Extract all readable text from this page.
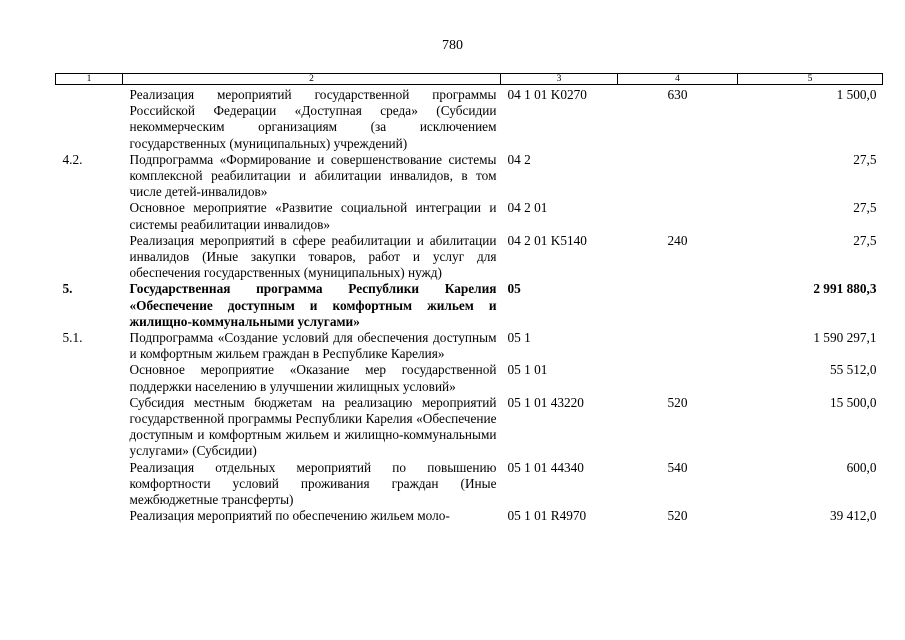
780
1	2	3	4	5
	Реализация мероприятий государственной программы Российской Федерации «Доступная среда» (Субсидии некоммерческим организациям (за исключением государственных (муниципальных) учреждений)	04 1 01 K0270	630	1 500,0
4.2.	Подпрограмма «Формирование и совершенствование системы комплексной реабилитации и абилитации инвалидов, в том числе детей-инвалидов»	04 2		27,5
	Основное мероприятие «Развитие социальной интеграции и системы реабилитации инвалидов»	04 2 01		27,5
	Реализация мероприятий в сфере реабилитации и абилитации инвалидов (Иные закупки товаров, работ и услуг для обеспечения государственных (муниципальных) нужд)	04 2 01 K5140	240	27,5
5.	Государственная программа Республики Карелия «Обеспечение доступным и комфортным жильем и жилищно-коммунальными услугами»	05		2 991 880,3
5.1.	Подпрограмма «Создание условий для обеспечения доступным и комфортным жильем граждан в Республике Карелия»	05 1		1 590 297,1
	Основное мероприятие «Оказание мер государственной поддержки населению в улучшении жилищных условий»	05 1 01		55 512,0
	Субсидия местным бюджетам на реализацию мероприятий государственной программы Республики Карелия «Обеспечение доступным и комфортным жильем и жилищно-коммунальными услугами» (Субсидии)	05 1 01 43220	520	15 500,0
	Реализация отдельных мероприятий по повышению комфортности условий проживания граждан (Иные межбюджетные трансферты)	05 1 01 44340	540	600,0
	Реализация мероприятий по обеспечению жильем моло-	05 1 01 R4970	520	39 412,0
